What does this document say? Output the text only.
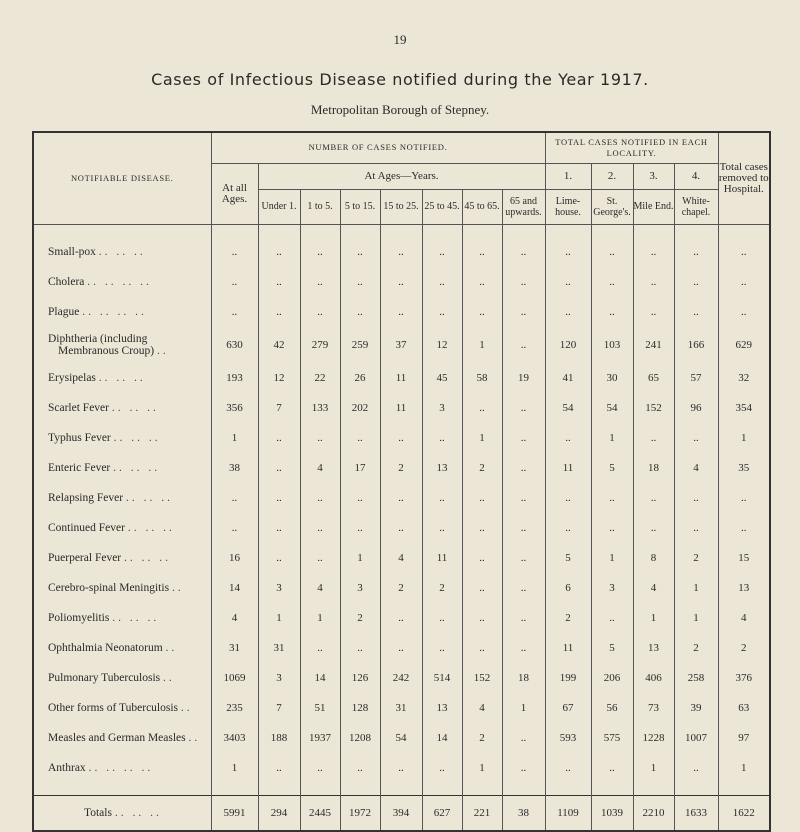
19
Cases of Infectious Disease notified during the Year 1917.
Metropolitan Borough of Stepney.
NOTIFIABLE DISEASE.	NUMBER OF CASES NOTIFIED.								TOTAL CASES NOTIFIED IN EACH LOCALITY.				Total cases removed to Hospital.
	At all Ages.	At Ages—Years.							1.	2.	3.	4.	
		Under 1.	1 to 5.	5 to 15.	15 to 25.	25 to 45.	45 to 65.	65 and upwards.	Lime-house.	St. George's.	Mile End.	White-chapel.	

Small-pox .. .. ..	..	..	..	..	..	..	..	..	..	..	..	..	..
Cholera .. .. .. ..	..	..	..	..	..	..	..	..	..	..	..	..	..
Plague .. .. .. ..	..	..	..	..	..	..	..	..	..	..	..	..	..

Diphtheria (including
Membranous Croup) ..	630	42	279	259	37	12	1	..	120	103	241	166	629
Erysipelas .. .. ..	193	12	22	26	11	45	58	19	41	30	65	57	32
Scarlet Fever .. .. ..	356	7	133	202	11	3	..	..	54	54	152	96	354
Typhus Fever .. .. ..	1	..	..	..	..	..	1	..	..	1	..	..	1
Enteric Fever .. .. ..	38	..	4	17	2	13	2	..	11	5	18	4	35
Relapsing Fever .. .. ..	..	..	..	..	..	..	..	..	..	..	..	..	..
Continued Fever .. .. ..	..	..	..	..	..	..	..	..	..	..	..	..	..
Puerperal Fever .. .. ..	16	..	..	1	4	11	..	..	5	1	8	2	15
Cerebro-spinal Meningitis ..	14	3	4	3	2	2	..	..	6	3	4	1	13
Poliomyelitis .. .. ..	4	1	1	2	..	..	..	..	2	..	1	1	4
Ophthalmia Neonatorum ..	31	31	..	..	..	..	..	..	11	5	13	2	2
Pulmonary Tuberculosis ..	1069	3	14	126	242	514	152	18	199	206	406	258	376
Other forms of Tuberculosis ..	235	7	51	128	31	13	4	1	67	56	73	39	63
Measles and German Measles ..	3403	188	1937	1208	54	14	2	..	593	575	1228	1007	97
Anthrax .. .. .. ..	1	..	..	..	..	..	1	..	..	..	1	..	1

Totals .. .. ..	5991	294	2445	1972	394	627	221	38	1109	1039	2210	1633	1622
